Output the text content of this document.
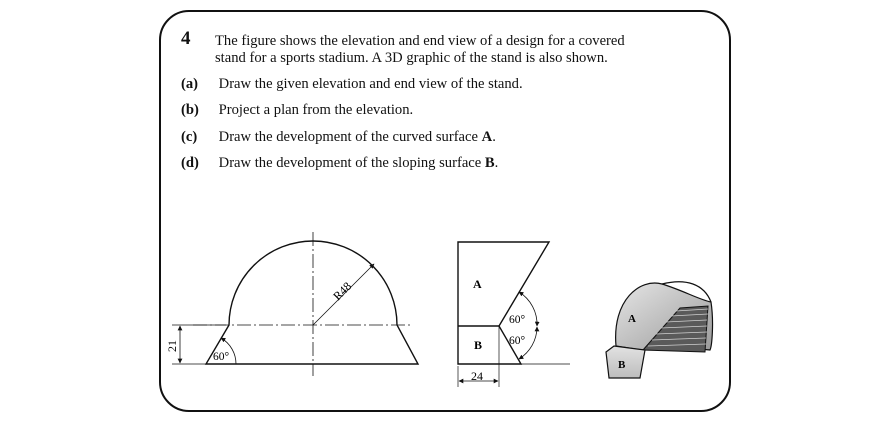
4 The figure shows the elevation and end view of a design for a covered
stand for a sports stadium. A 3D graphic of the stand is also shown.
(a) Draw the given elevation and end view of the stand.
(b) Project a plan from the elevation.
(c) Draw the development of the curved surface A.
(d) Draw the development of the sloping surface B.
R48
21
60°
A
B
60°
60°
24
A
B
